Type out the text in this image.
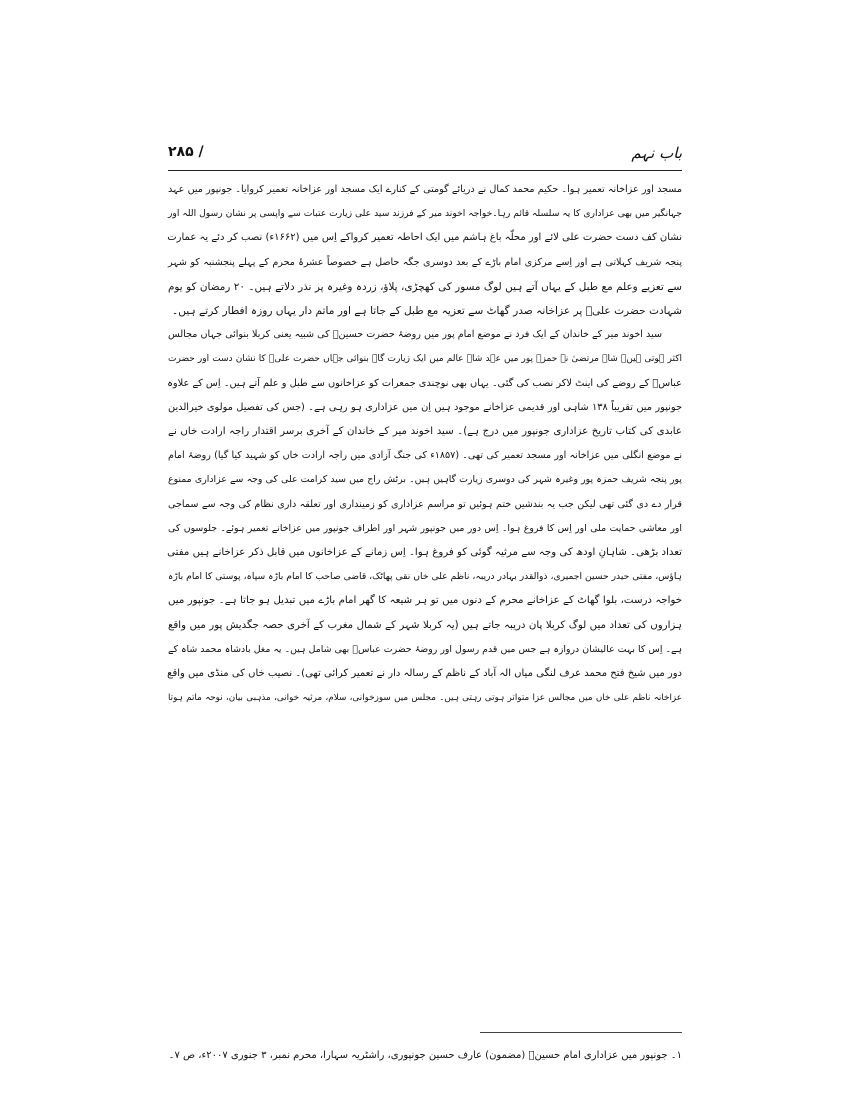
باب نہم
/ ۲۸۵
مسجد اور عزاخانہ تعمیر ہوا۔ حکیم محمد کمال نے دریائے گومتی کے کنارے ایک مسجد اور عزاخانہ تعمیر کروایا۔ جونپور میں عہد
جہانگیر میں بھی عزاداری کا یہ سلسلہ قائم رہا۔خواجہ اخوند میر کے فرزند سید علی زیارت عتبات سے واپسی پر نشان رسول اللہ اور
نشان کف دست حضرت علی لائے اور محلّہ باغ ہاشم میں ایک احاطہ تعمیر کرواکے اِس میں (۱۶۶۲ء) نصب کر دئے یہ عمارت
پنجہ شریف کہلاتی ہے اور اِسے مرکزی امام باڑے کے بعد دوسری جگہ حاصل ہے خصوصاً عشرۂ محرم کے پہلے پنجشنبہ کو شہر
سے تعزیے وعلم مع طبل کے یہاں آتے ہیں لوگ مسور کی کھچڑی، پلاؤ، زردہ وغیرہ پر نذر دلاتے ہیں۔ ۲۰ رمضان کو یوم
شہادت حضرت علیؑ پر عزاخانہ صدر گھاٹ سے تعزیہ مع طبل کے جاتا ہے اور ماتم دار یہاں روزہ افطار کرتے ہیں۔
سید اخوند میر کے خاندان کے ایک فرد نے موضع امام پور میں روضۂ حضرت حسینؑ کی شبیہ یعنی کربلا بنوائی جہاں مجالس
اکثر ہوتی ہیں۔ شاہ مرتضیٰ نے حمزہ پور میں عہد شاہ عالم میں ایک زیارت گاہ بنوائی جہاں حضرت علیؑ کا نشان دست اور حضرت
عباسؑ کے روضے کی اینٹ لاکر نصب کی گئی۔ یہاں بھی نوچندی جمعرات کو عزاخانوں سے طبل و علم آتے ہیں۔ اِس کے علاوہ
جونپور میں تقریباً ۱۳۸ شاہی اور قدیمی عزاخانے موجود ہیں اِن میں عزاداری ہو رہی ہے۔ (جس کی تفصیل مولوی خیرالدین
عابدی کی کتاب تاریخ عزاداری جونپور میں درج ہے)۔ سید اخوند میر کے خاندان کے آخری برسر اقتدار راجہ ارادت خاں نے
نے موضع انگلی میں عزاخانہ اور مسجد تعمیر کی تھی۔ (۱۸۵۷ء کی جنگ آزادی میں راجہ ارادت خاں کو شہید کیا گیا) روضۂ امام
پور پنجہ شریف حمزہ پور وغیرہ شہر کی دوسری زیارت گاہیں ہیں۔ برٹش راج میں سید کرامت علی کی وجہ سے عزاداری ممنوع
قرار دے دی گئی تھی لیکن جب یہ بندشیں ختم ہوئیں تو مراسم عزاداری کو زمینداری اور تعلقہ داری نظام کی وجہ سے سماجی
اور معاشی حمایت ملی اور اِس کا فروغ ہوا۔ اِس دور میں جونپور شہر اور اطراف جونپور میں عزاخانے تعمیر ہوئے۔ جلوسوں کی
تعداد بڑھی۔ شاہانِ اودھ کی وجہ سے مرثیہ گوئی کو فروغ ہوا۔ اِس زمانے کے عزاخانوں میں قابل ذکر عزاخانے ہیں مفتی
ہاؤس، مفتی حیدر حسین اجمیری، ذوالقدر بہادر دریبہ، ناظم علی خاں نقی پھاٹک، قاضی صاحب کا امام باڑہ سپاہ، پوستی کا امام باڑہ
خواجہ درست، بلوا گھاٹ کے عزاخانے محرم کے دنوں میں تو ہر شیعہ کا گھر امام باڑے میں تبدیل ہو جاتا ہے۔ جونپور میں
ہزاروں کی تعداد میں لوگ کربلا پان دریبہ جاتے ہیں (یہ کربلا شہر کے شمال مغرب کے آخری حصہ جگدیش پور میں واقع
ہے۔ اِس کا بہت عالیشان دروازہ ہے جس میں قدم رسول اور روضۂ حضرت عباسؑ بھی شامل ہیں۔ یہ مغل بادشاہ محمد شاہ کے
دور میں شیخ فتح محمد عرف لنگی میاں الہ آباد کے ناظم کے رسالہ دار نے تعمیر کرائی تھی)۔ نصیب خاں کی منڈی میں واقع
عزاخانہ ناظم علی خاں میں مجالس عزا متواتر ہوتی رہتی ہیں۔ مجلس میں سوزخوانی، سلام، مرثیہ خوانی، مذہبی بیان، نوحہ ماتم ہوتا
۱۔ جونپور میں عزاداری امام حسینؑ (مضمون) عارف حسین جونپوری، راشٹریہ سہارا، محرم نمبر، ۳ جنوری ۲۰۰۷ء، ص ۷۔
